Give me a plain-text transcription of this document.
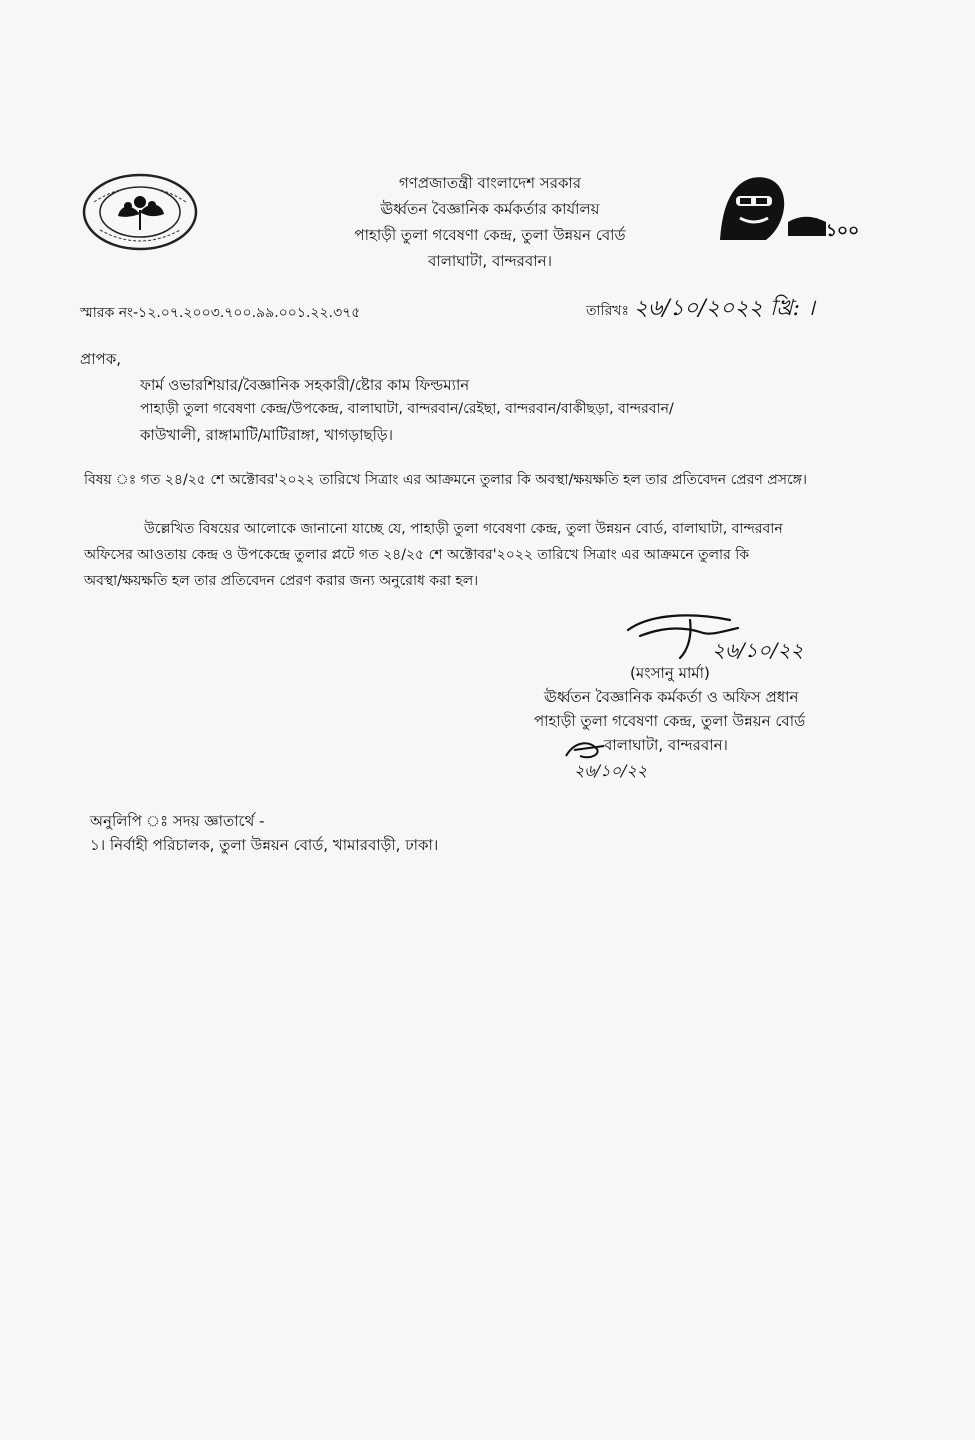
১০০
গণপ্রজাতন্ত্রী বাংলাদেশ সরকার
ঊর্ধ্বতন বৈজ্ঞানিক কর্মকর্তার কার্যালয়
পাহাড়ী তুলা গবেষণা কেন্দ্র, তুলা উন্নয়ন বোর্ড
বালাঘাটা, বান্দরবান।
স্মারক নং-১২.০৭.২০০৩.৭০০.৯৯.০০১.২২.৩৭৫	তারিখঃ ২৬/১০/২০২২ খ্রি: ।
প্রাপক,
ফার্ম ওভারশিয়ার/বৈজ্ঞানিক সহকারী/ষ্টোর কাম ফিল্ডম্যান
পাহাড়ী তুলা গবেষণা কেন্দ্র/উপকেন্দ্র, বালাঘাটা, বান্দরবান/রেইছা, বান্দরবান/বাকীছড়া, বান্দরবান/
কাউখালী, রাঙ্গামাটি/মাটিরাঙ্গা, খাগড়াছড়ি।
বিষয় ঃ গত ২৪/২৫ শে অক্টোবর'২০২২ তারিখে সিত্রাং এর আক্রমনে তুলার কি অবস্থা/ক্ষয়ক্ষতি হল তার প্রতিবেদন প্রেরণ প্রসঙ্গে।
উল্লেখিত বিষয়ের আলোকে জানানো যাচ্ছে যে, পাহাড়ী তুলা গবেষণা কেন্দ্র, তুলা উন্নয়ন বোর্ড, বালাঘাটা, বান্দরবান
অফিসের আওতায় কেন্দ্র ও উপকেন্দ্রে তুলার প্লটে গত ২৪/২৫ শে অক্টোবর'২০২২ তারিখে সিত্রাং এর আক্রমনে তুলার কি
অবস্থা/ক্ষয়ক্ষতি হল তার প্রতিবেদন প্রেরণ করার জন্য অনুরোধ করা হল।
২৬/১০/২২
(মংসানু মার্মা)
ঊর্ধ্বতন বৈজ্ঞানিক কর্মকর্তা ও অফিস প্রধান
পাহাড়ী তুলা গবেষণা কেন্দ্র, তুলা উন্নয়ন বোর্ড
বালাঘাটা, বান্দরবান।
২৬/১০/২২
অনুলিপি ঃ সদয় জ্ঞাতার্থে -
১। নির্বাহী পরিচালক, তুলা উন্নয়ন বোর্ড, খামারবাড়ী, ঢাকা।
